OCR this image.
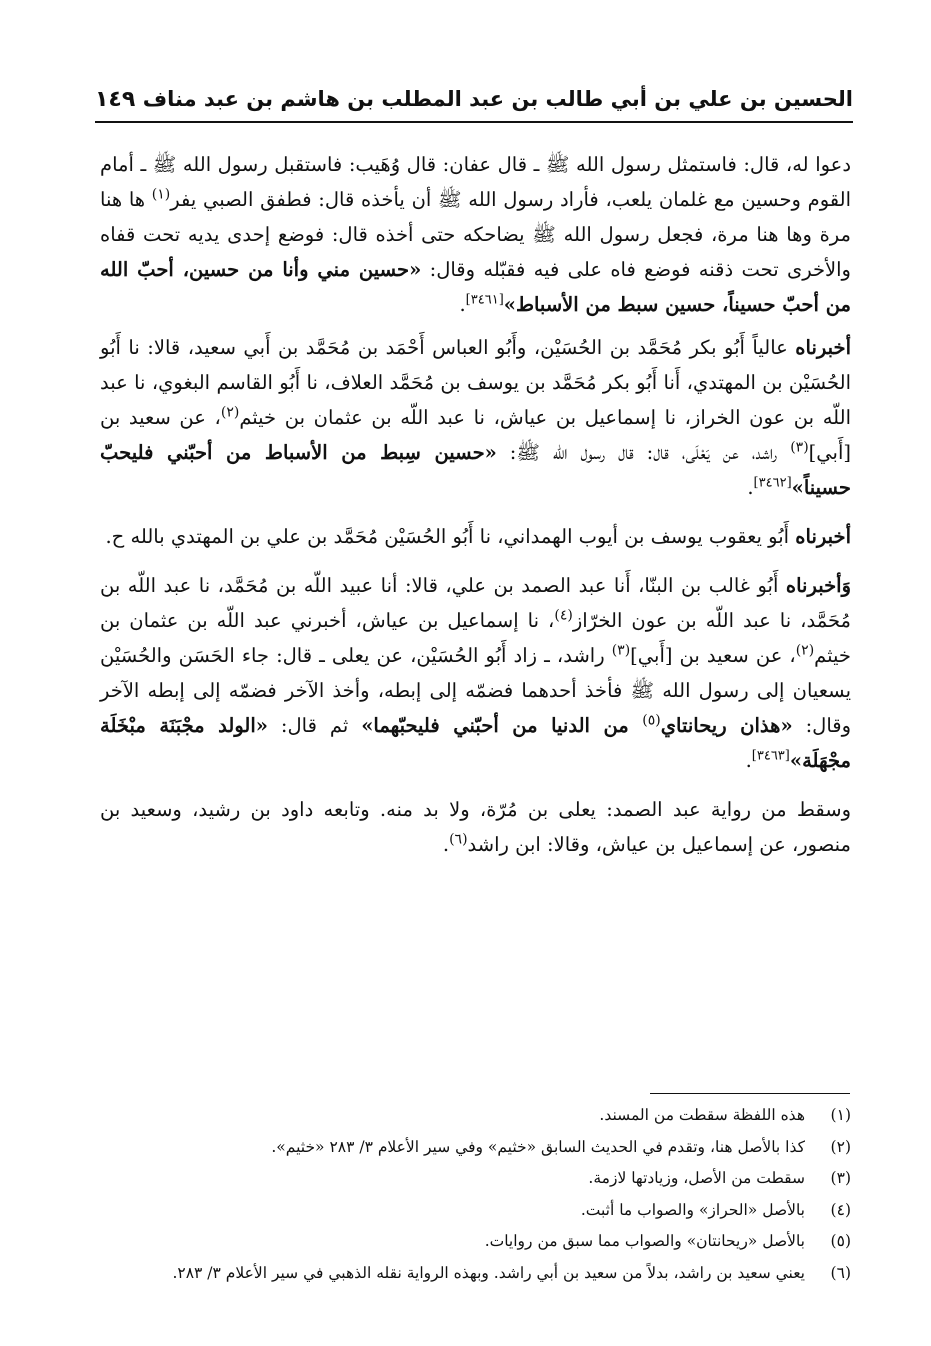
الحسين بن علي بن أبي طالب بن عبد المطلب بن هاشم بن عبد مناف
١٤٩

دعوا له، قال: فاستمثل رسول الله ﷺ ـ قال عفان: قال وُهَيب: فاستقبل رسول الله ﷺ ـ أمام القوم وحسين مع غلمان يلعب، فأراد رسول الله ﷺ أن يأخذه قال: فطفق الصبي يفر$^{(١)}$ ها هنا مرة وها هنا مرة، فجعل رسول الله ﷺ يضاحكه حتى أخذه قال: فوضع إحدى يديه تحت قفاه والأخرى تحت ذقنه فوضع فاه على فيه فقبّله وقال: «حسين مني وأنا من حسين، أحبّ الله من أحبّ حسيناً، حسين سبط من الأسباط»[٣٤٦١].

أخبرناه عالياً أَبُو بكر مُحَمَّد بن الحُسَيْن، وأَبُو العباس أَحْمَد بن مُحَمَّد بن أَبي سعيد، قالا: نا أَبُو الحُسَيْن بن المهتدي، أَنا أَبُو بكر مُحَمَّد بن يوسف بن مُحَمَّد العلاف، نا أَبُو القاسم البغوي، نا عبد اللّه بن عون الخراز، نا إسماعيل بن عياش، نا عبد اللّه بن عثمان بن خيثم$^{(٢)}$، عن سعيد بن [أَبي]$^{(٣)}$ راشد، عن يَعْلَى، قال: قال رسول الله ﷺ: «حسين سِبط من الأسباط من أحبّني فليحبّ حسيناً»[٣٤٦٢].

أخبرناه أَبُو يعقوب يوسف بن أيوب الهمداني، نا أَبُو الحُسَيْن مُحَمَّد بن علي بن المهتدي بالله ح.

وَأخبرناه أَبُو غالب بن البنّا، أَنا عبد الصمد بن علي، قالا: أنا عبيد اللّه بن مُحَمَّد، نا عبد اللّه بن مُحَمَّد، نا عبد اللّه بن عون الخرّاز$^{(٤)}$، نا إسماعيل بن عياش، أخبرني عبد اللّه بن عثمان بن خيثم$^{(٢)}$، عن سعيد بن [أَبي]$^{(٣)}$ راشد، ـ زاد أَبُو الحُسَيْن، عن يعلى ـ قال: جاء الحَسَن والحُسَيْن يسعيان إلى رسول الله ﷺ فأخذ أحدهما فضمّه إلى إبطه، وأخذ الآخر فضمّه إلى إبطه الآخر وقال: «هذان ريحانتاي$^{(٥)}$ من الدنيا من أحبّني فليحبّهما» ثم قال: «الولد مجْبَنَة مبْخَلَة مجْهَلَة»[٣٤٦٣].

وسقط من رواية عبد الصمد: يعلى بن مُرّة، ولا بد منه. وتابعه داود بن رشيد، وسعيد بن منصور، عن إسماعيل بن عياش، وقالا: ابن راشد$^{(٦)}$.

(١)
هذه اللفظة سقطت من المسند.
(٢)
كذا بالأصل هنا، وتقدم في الحديث السابق «خثيم» وفي سير الأعلام ٣/ ٢٨٣ «خثيم».
(٣)
سقطت من الأصل، وزيادتها لازمة.
(٤)
بالأصل «الحراز» والصواب ما أثبت.
(٥)
بالأصل «ريحانتان» والصواب مما سبق من روايات.
(٦)
يعني سعيد بن راشد، بدلاً من سعيد بن أبي راشد. وبهذه الرواية نقله الذهبي في سير الأعلام ٣/ ٢٨٣.
